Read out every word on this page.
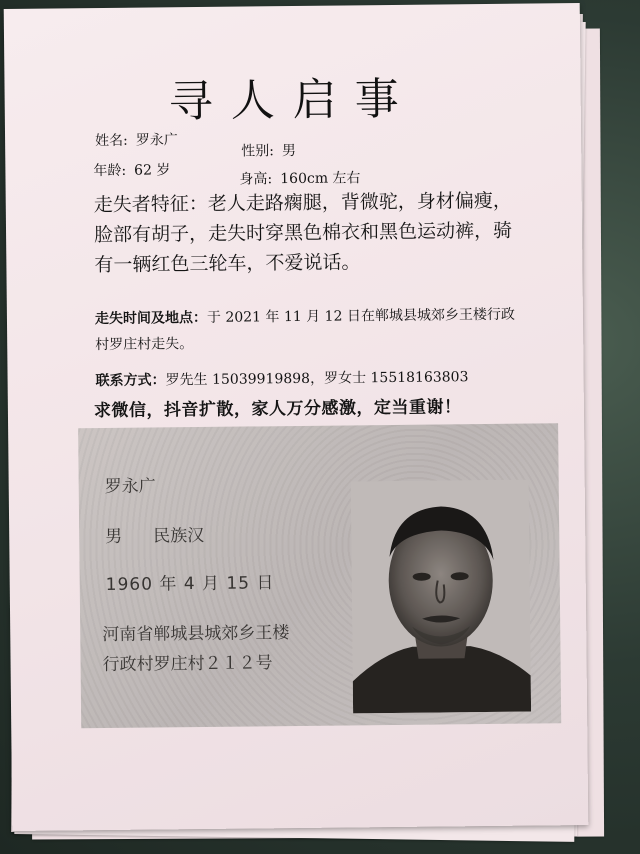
寻人启事
姓名: 罗永广
性别: 男
年龄: 62 岁
身高: 160cm 左右
走失者特征：老人走路瘸腿，背微驼，身材偏瘦，脸部有胡子，走失时穿黑色棉衣和黑色运动裤，骑有一辆红色三轮车，不爱说话。
走失时间及地点：于 2021 年 11 月 12 日在郸城县城郊乡王楼行政村罗庄村走失。
联系方式：罗先生 15039919898，罗女士 15518163803
求微信，抖音扩散，家人万分感激，定当重谢！
罗永广
男 民族汉
1960 年 4 月 15 日
河南省郸城县城郊乡王楼
行政村罗庄村２１２号
